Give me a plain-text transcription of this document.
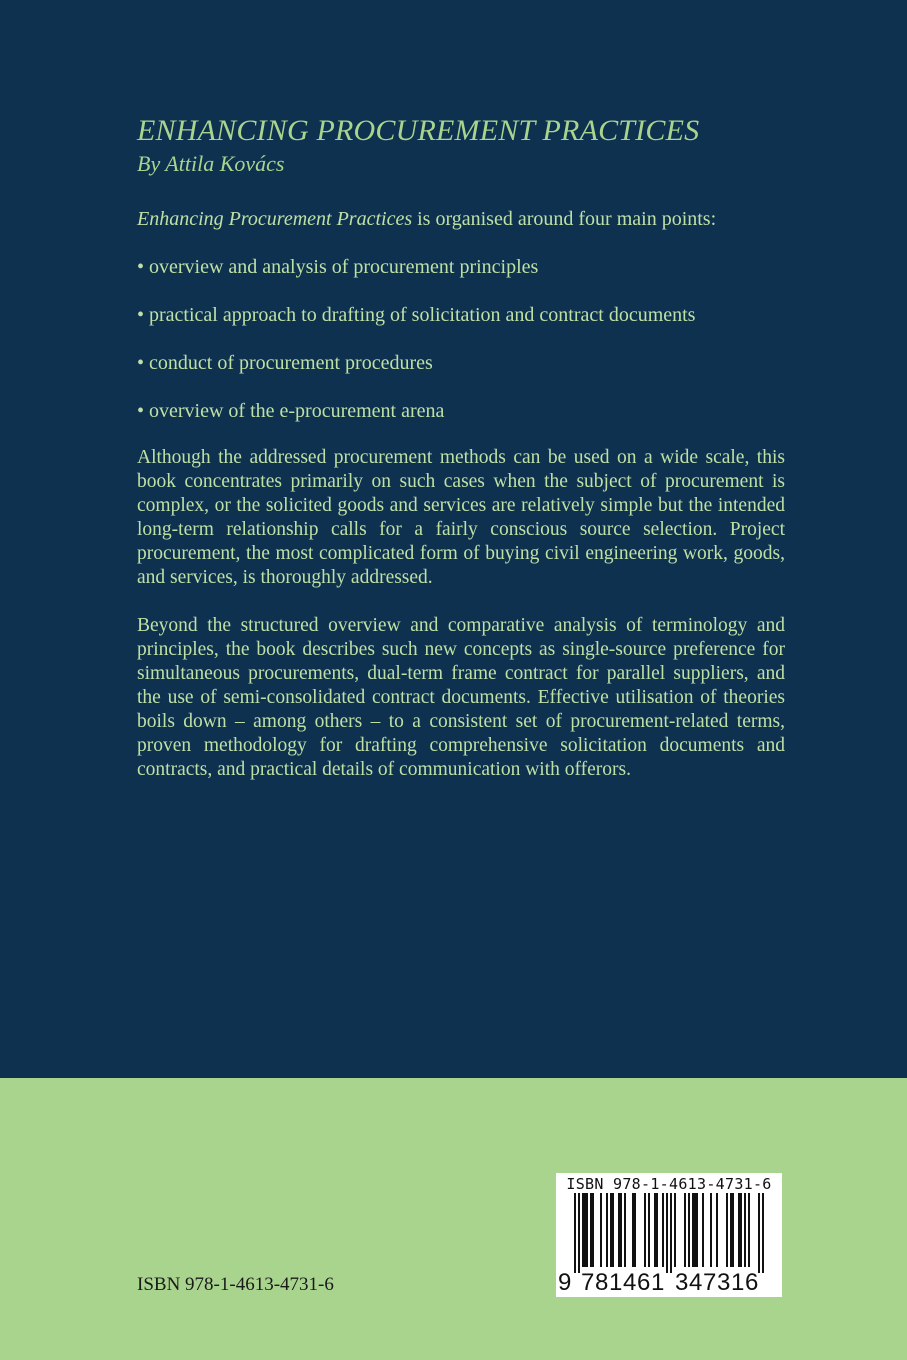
ENHANCING PROCUREMENT PRACTICES
By Attila Kovács

Enhancing Procurement Practices is organised around four main points:

• overview and analysis of procurement principles
• practical approach to drafting of solicitation and contract documents
• conduct of procurement procedures
• overview of the e-procurement arena

Although the addressed procurement methods can be used on a wide scale, this book concentrates primarily on such cases when the subject of procurement is complex, or the solicited goods and services are relatively simple but the intended long-term relationship calls for a fairly conscious source selection. Project procurement, the most complicated form of buying civil engineering work, goods, and services, is thoroughly addressed.

Beyond the structured overview and comparative analysis of terminology and principles, the book describes such new concepts as single-source preference for simultaneous procurements, dual-term frame contract for parallel suppliers, and the use of semi-consolidated contract documents. Effective utilisation of theories boils down – among others – to a consistent set of procurement-related terms, proven methodology for drafting comprehensive solicitation documents and contracts, and practical details of communication with offerors.

ISBN 978-1-4613-4731-6
ISBN 978-1-4613-4731-6
9 7 8 1 4 6 1 3 4 7 3 1 6
